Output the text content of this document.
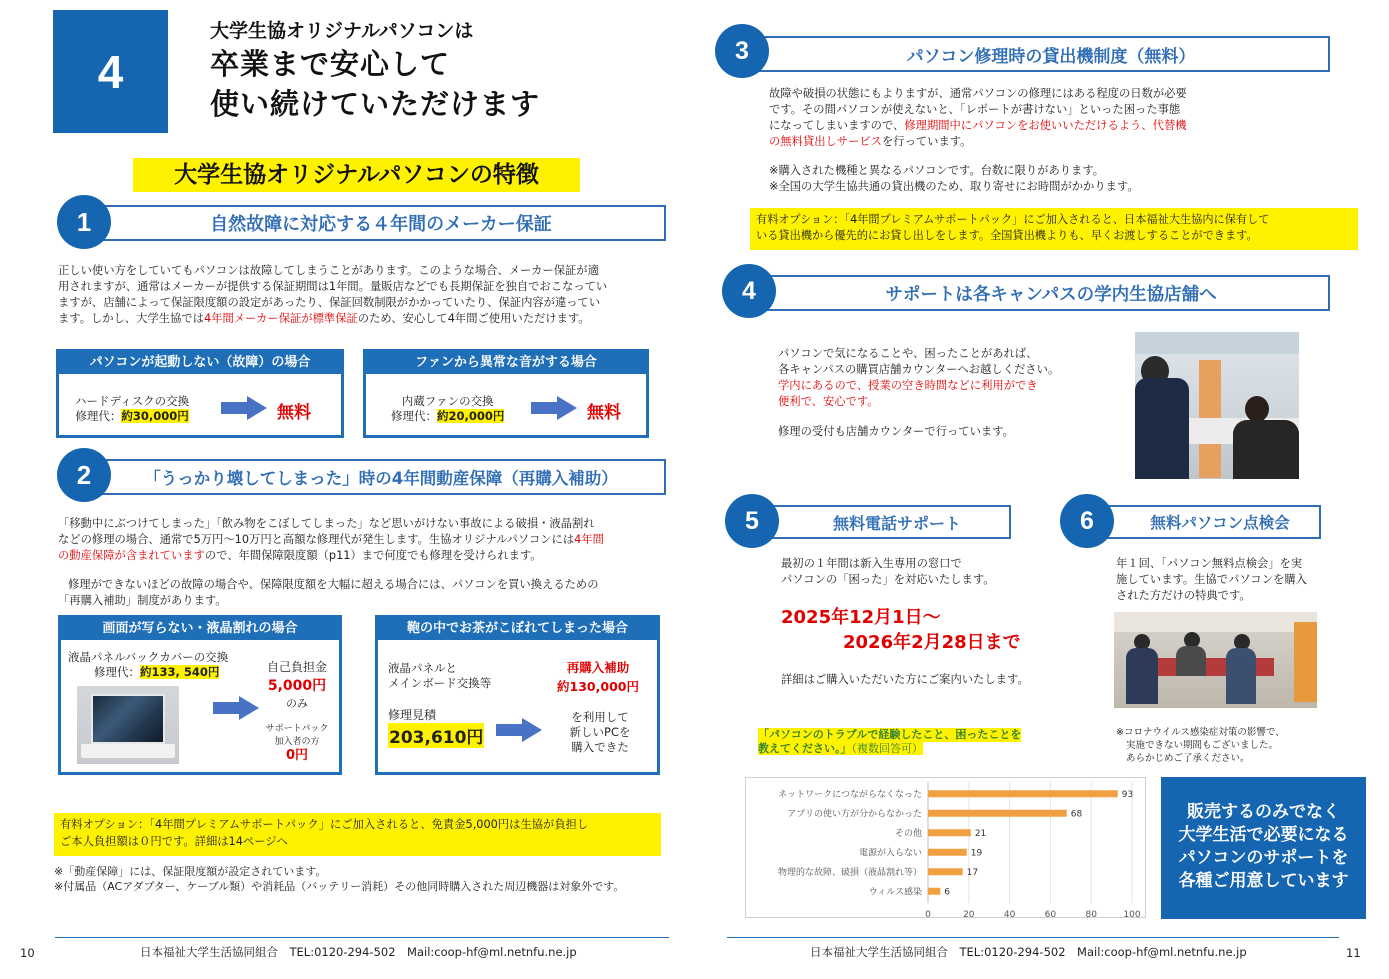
4
大学生協オリジナルパソコンは
卒業まで安心して
使い続けていただけます
大学生協オリジナルパソコンの特徴
自然故障に対応する４年間のメーカー保証
1

正しい使い方をしていてもパソコンは故障してしまうことがあります。このような場合、メーカー保証が適

用されますが、通常はメーカーが提供する保証期間は1年間。量販店などでも長期保証を独自でおこなってい

ますが、店舗によって保証限度額の設定があったり、保証回数制限がかかっていたり、保証内容が違ってい

ます。しかし、大学生協では4年間メーカー保証が標準保証のため、安心して4年間ご使用いただけます。

パソコンが起動しない（故障）の場合
ハードディスクの交換
修理代：約30,000円	無料
ファンから異常な音がする場合
内蔵ファンの交換
修理代：約20,000円	無料
「うっかり壊してしまった」時の4年間動産保障（再購入補助）
2

「移動中にぶつけてしまった」「飲み物をこぼしてしまった」など思いがけない事故による破損・液晶割れ

などの修理の場合、通常で5万円～10万円と高額な修理代が発生します。生協オリジナルパソコンには4年間

の動産保障が含まれていますので、年間保障限度額（p11）まで何度でも修理を受けられます。

修理ができないほどの故障の場合や、保障限度額を大幅に超える場合には、パソコンを買い換えるための

「再購入補助」制度があります。

画面が写らない・液晶割れの場合
液晶パネルバックカバーの交換
修理代：約133, 540円	自己負担金
5,000円
のみ
サポートパック
加入者の方
0円
鞄の中でお茶がこぼれてしまった場合
液晶パネルと
メインボード交換等
修理見積
203,610円
再購入補助
約130,000円
を利用して
新しいPCを
購入できた
有料オプション：「4年間プレミアムサポートパック」にご加入されると、免責金5,000円は生協が負担し
ご本人負担額は０円です。詳細は14ページへ

※「動産保障」には、保証限度額が設定されています。

※付属品（ACアダプター、ケーブル類）や消耗品（バッテリー消耗）その他同時購入された周辺機器は対象外です。

日本福祉大学生活協同組合　TEL:0120-294-502　Mail:coop-hf@ml.netnfu.ne.jp
10
パソコン修理時の貸出機制度（無料）
3

故障や破損の状態にもよりますが、通常パソコンの修理にはある程度の日数が必要

です。その間パソコンが使えないと、「レポートが書けない」といった困った事態

になってしまいますので、修理期間中にパソコンをお使いいただけるよう、代替機

の無料貸出しサービスを行っています。

※購入された機種と異なるパソコンです。台数に限りがあります。

※全国の大学生協共通の貸出機のため、取り寄せにお時間がかかります。

有料オプション：「4年間プレミアムサポートパック」にご加入されると、日本福祉大生協内に保有して
いる貸出機から優先的にお貸し出しをします。全国貸出機よりも、早くお渡しすることができます。
サポートは各キャンパスの学内生協店舗へ
4

パソコンで気になることや、困ったことがあれば、

各キャンパスの購買店舗カウンターへお越しください。

学内にあるので、授業の空き時間などに利用ができ

便利で、安心です。

修理の受付も店舗カウンターで行っています。

無料電話サポート
5

最初の１年間は新入生専用の窓口で

パソコンの「困った」を対応いたします。

2025年12月1日～
2026年2月28日まで

詳細はご購入いただいた方にご案内いたします。

無料パソコン点検会
6

年１回、「パソコン無料点検会」を実

施しています。生協でパソコンを購入

された方だけの特典です。

※コロナウイルス感染症対策の影響で、

実施できない期間もございました。

あらかじめご了承ください。

「パソコンのトラブルで経験したこと、困ったことを
教えてください。」（複数回答可）
0	20	40	60	80	100
ネットワークにつながらなくなった	93
アプリの使い方が分からなかった	68
その他	21
電源が入らない	19
物理的な故障、破損（液晶割れ等）	17
ウィルス感染 6
販売するのみでなく
大学生活で必要になる
パソコンのサポートを
各種ご用意しています
日本福祉大学生活協同組合　TEL:0120-294-502　Mail:coop-hf@ml.netnfu.ne.jp	11
